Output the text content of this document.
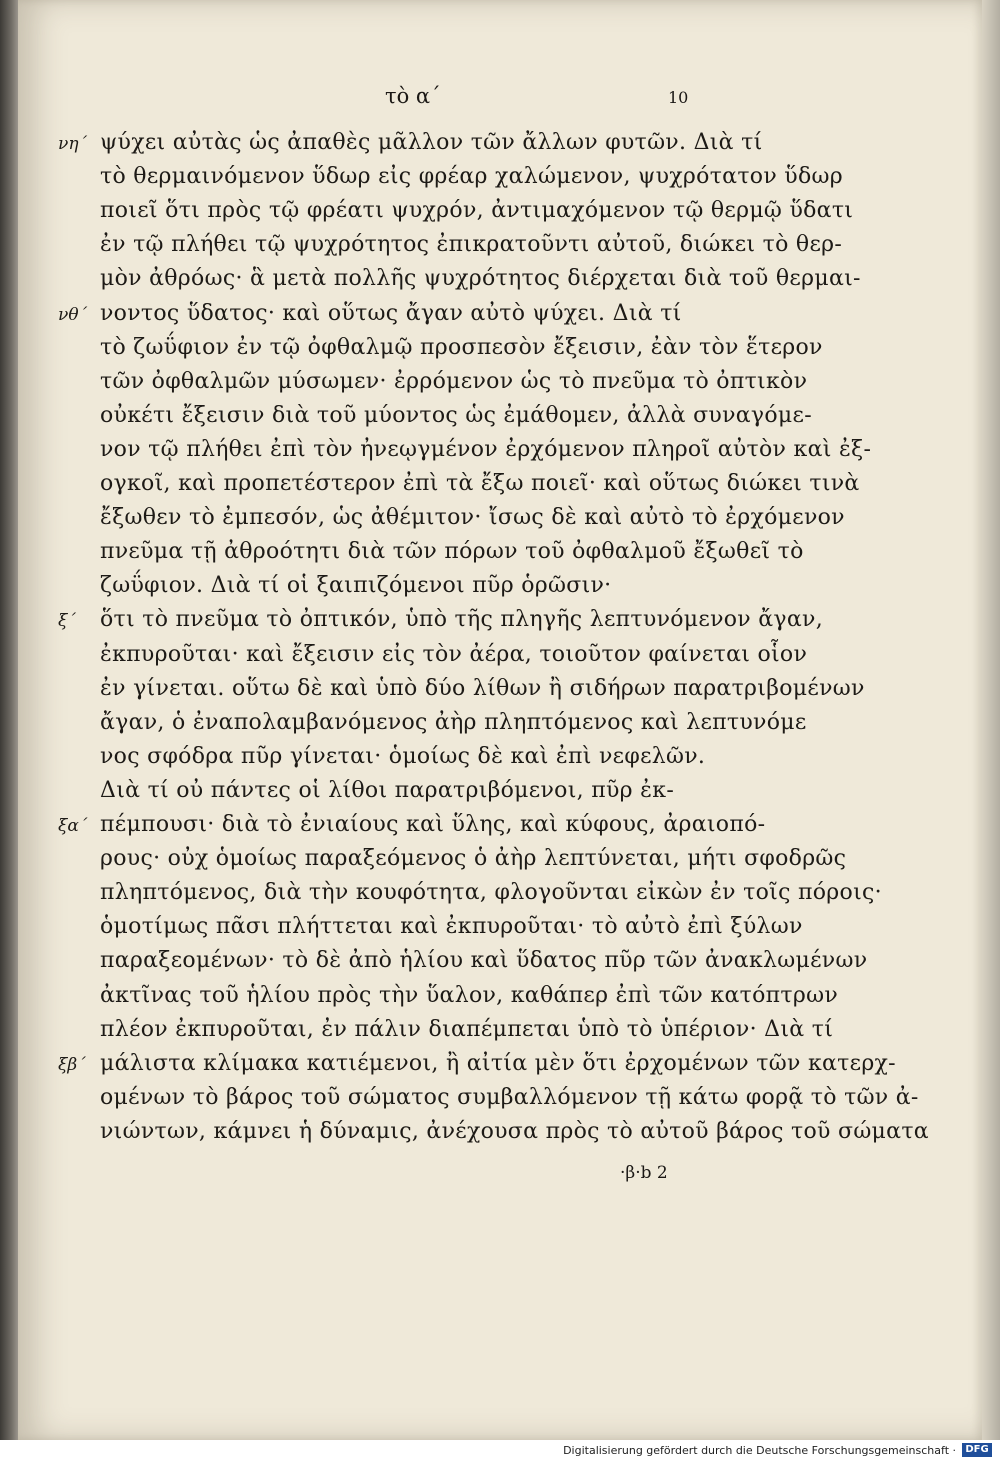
τὸ α΄	10
ψύχει αὐτὰς ὡς ἀπαθὲς μᾶλλον τῶν ἄλλων φυτῶν. Διὰ τί
τὸ θερμαινόμενον ὕδωρ εἰς φρέαρ χαλώμενον, ψυχρότατον ὕδωρ
ποιεῖ ὅτι πρὸς τῷ φρέατι ψυχρόν, ἀντιμαχόμενον τῷ θερμῷ ὕδατι
ἐν τῷ πλήθει τῷ ψυχρότητος ἐπικρατοῦντι αὐτοῦ, διώκει τὸ θερ-
μὸν ἀθρόως· ἃ μετὰ πολλῆς ψυχρότητος διέρχεται διὰ τοῦ θερμαι-
νοντος ὕδατος· καὶ οὕτως ἄγαν αὐτὸ ψύχει. Διὰ τί
τὸ ζωΰφιον ἐν τῷ ὀφθαλμῷ προσπεσὸν ἔξεισιν, ἐὰν τὸν ἕτερον
τῶν ὀφθαλμῶν μύσωμεν· ἐρρόμενον ὡς τὸ πνεῦμα τὸ ὀπτικὸν
οὐκέτι ἔξεισιν διὰ τοῦ μύοντος ὡς ἐμάθομεν, ἀλλὰ συναγόμε-
νον τῷ πλήθει ἐπὶ τὸν ἠνεῳγμένον ἐρχόμενον πληροῖ αὐτὸν καὶ ἐξ-
ογκοῖ, καὶ προπετέστερον ἐπὶ τὰ ἔξω ποιεῖ· καὶ οὕτως διώκει τινὰ
ἔξωθεν τὸ ἐμπεσόν, ὡς ἀθέμιτον· ἴσως δὲ καὶ αὐτὸ τὸ ἐρχόμενον
πνεῦμα τῇ ἀθροότητι διὰ τῶν πόρων τοῦ ὀφθαλμοῦ ἔξωθεῖ τὸ
ζωΰφιον. Διὰ τί οἱ ξαιπιζόμενοι πῦρ ὁρῶσιν·
ὅτι τὸ πνεῦμα τὸ ὀπτικόν, ὑπὸ τῆς πληγῆς λεπτυνόμενον ἄγαν,
ἐκπυροῦται· καὶ ἔξεισιν εἰς τὸν ἀέρα, τοιοῦτον φαίνεται οἷον
ἐν γίνεται. οὕτω δὲ καὶ ὑπὸ δύο λίθων ἢ σιδήρων παρατριβομένων
ἄγαν, ὁ ἐναπολαμβανόμενος ἀὴρ πληπτόμενος καὶ λεπτυνόμε
νος σφόδρα πῦρ γίνεται· ὁμοίως δὲ καὶ ἐπὶ νεφελῶν.
Διὰ τί οὐ πάντες οἱ λίθοι παρατριβόμενοι, πῦρ ἐκ-
πέμπουσι· διὰ τὸ ἐνιαίους καὶ ὕλης, καὶ κύφους, ἀραιοπό-
ρους· οὐχ ὁμοίως παραξεόμενος ὁ ἀὴρ λεπτύνεται, μήτι σφοδρῶς
πληπτόμενος, διὰ τὴν κουφότητα, φλογοῦνται εἰκὼν ἐν τοῖς πόροις·
ὁμοτίμως πᾶσι πλήττεται καὶ ἐκπυροῦται· τὸ αὐτὸ ἐπὶ ξύλων
παραξεομένων· τὸ δὲ ἀπὸ ἡλίου καὶ ὕδατος πῦρ τῶν ἀνακλωμένων
ἀκτῖνας τοῦ ἡλίου πρὸς τὴν ὕαλον, καθάπερ ἐπὶ τῶν κατόπτρων
πλέον ἐκπυροῦται, ἐν πάλιν διαπέμπεται ὑπὸ τὸ ὑπέριον· Διὰ τί
μάλιστα κλίμακα κατιέμενοι, ἢ αἰτία μὲν ὅτι ἐρχομένων τῶν κατερχ-
ομένων τὸ βάρος τοῦ σώματος συμβαλλόμενον τῇ κάτω φορᾷ τὸ τῶν ἀ-
νιώντων, κάμνει ἡ δύναμις, ἀνέχουσα πρὸς τὸ αὐτοῦ βάρος τοῦ σώματα
νη΄
νθ΄
ξ΄
ξα΄
ξβ΄
·β·b 2
Digitalisierung gefördert durch die Deutsche Forschungsgemeinschaft · DFG
